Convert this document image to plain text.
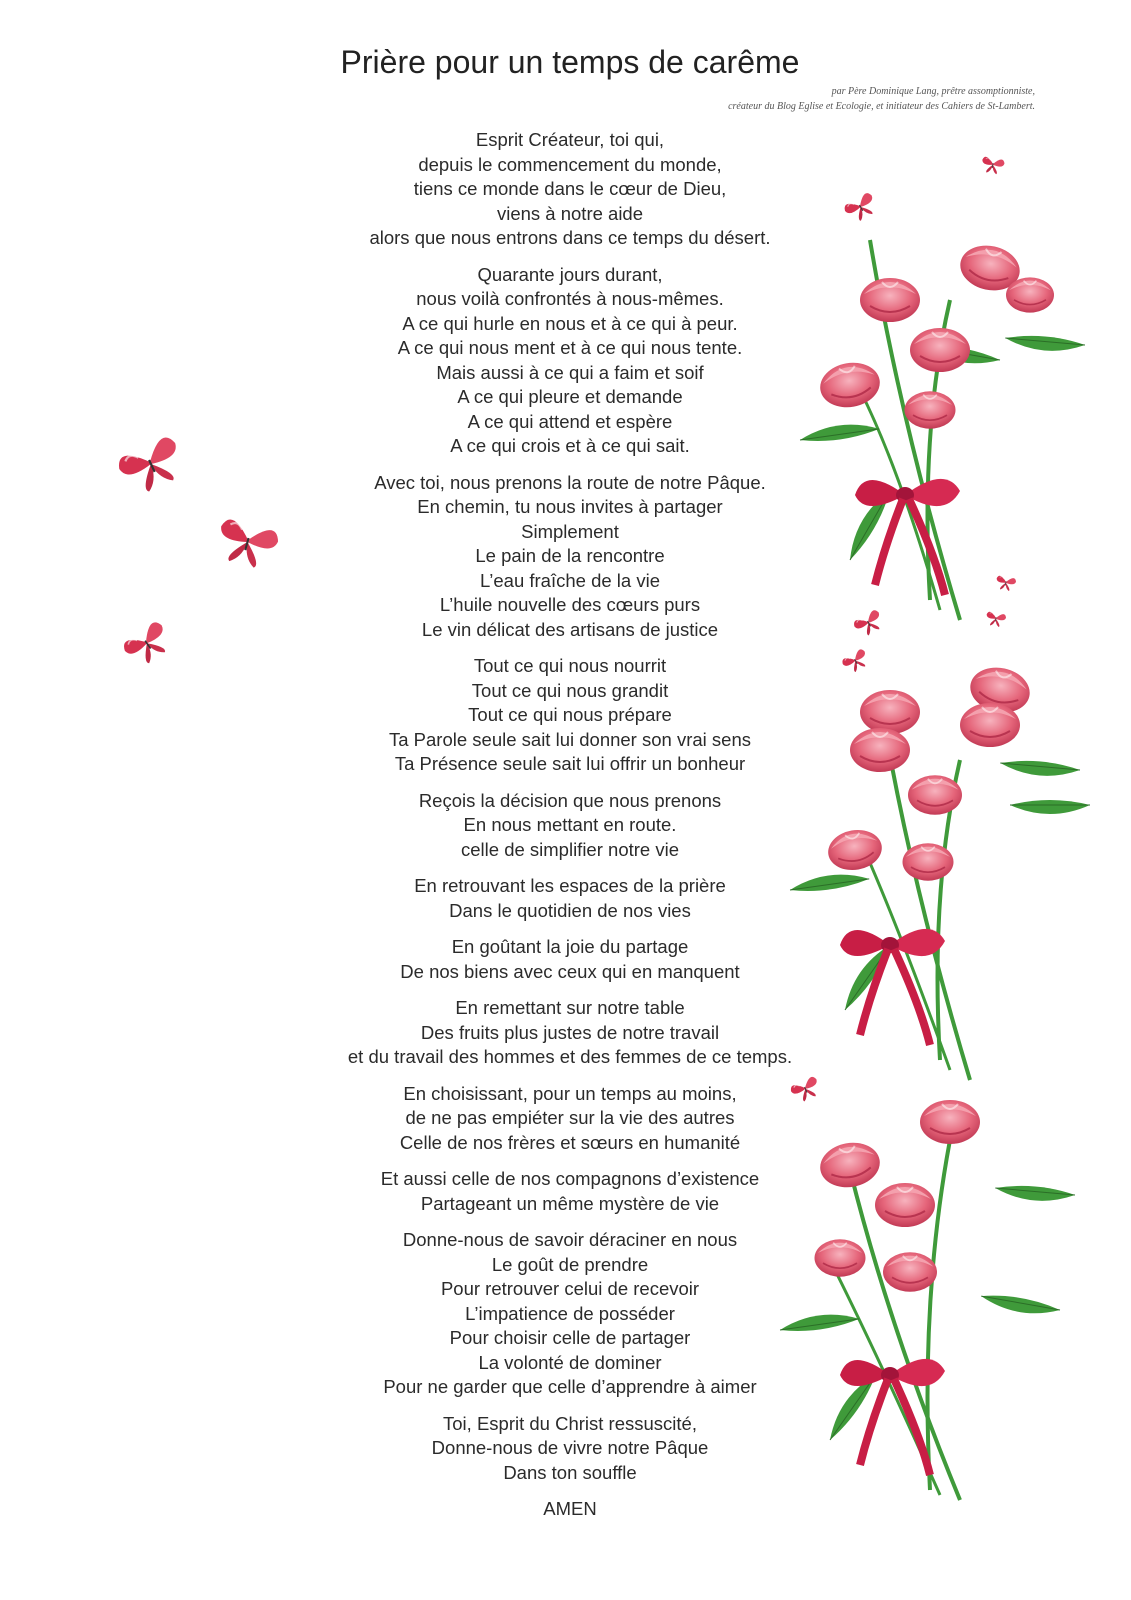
Prière pour un temps de carême
par Père Dominique Lang, prêtre assomptionniste,
créateur du Blog Eglise et Ecologie, et initiateur des Cahiers de St-Lambert.

Esprit Créateur, toi qui,
depuis le commencement du monde,
tiens ce monde dans le cœur de Dieu,
viens à notre aide
alors que nous entrons dans ce temps du désert.

Quarante jours durant,
nous voilà confrontés à nous-mêmes.
A ce qui hurle en nous et à ce qui à peur.
A ce qui nous ment et à ce qui nous tente.
Mais aussi à ce qui a faim et soif
A ce qui pleure et demande
A ce qui attend et espère
A ce qui crois et à ce qui sait.

Avec toi, nous prenons la route de notre Pâque.
En chemin, tu nous invites à partager
Simplement
Le pain de la rencontre
L’eau fraîche de la vie
L’huile nouvelle des cœurs purs
Le vin délicat des artisans de justice

Tout ce qui nous nourrit
Tout ce qui nous grandit
Tout ce qui nous prépare
Ta Parole seule sait lui donner son vrai sens
Ta Présence seule sait lui offrir un bonheur

Reçois la décision que nous prenons
En nous mettant en route.
celle de simplifier notre vie

En retrouvant les espaces de la prière
Dans le quotidien de nos vies

En goûtant la joie du partage
De nos biens avec ceux qui en manquent

En remettant sur notre table
Des fruits plus justes de notre travail
et du travail des hommes et des femmes de ce temps.

En choisissant, pour un temps au moins,
de ne pas empiéter sur la vie des autres
Celle de nos frères et sœurs en humanité

Et aussi celle de nos compagnons d’existence
Partageant un même mystère de vie

Donne-nous de savoir déraciner en nous
Le goût de prendre
Pour retrouver celui de recevoir
L’impatience de posséder
Pour choisir celle de partager
La volonté de dominer
Pour ne garder que celle d’apprendre à aimer

Toi, Esprit du Christ ressuscité,
Donne-nous de vivre notre Pâque
Dans ton souffle

AMEN
